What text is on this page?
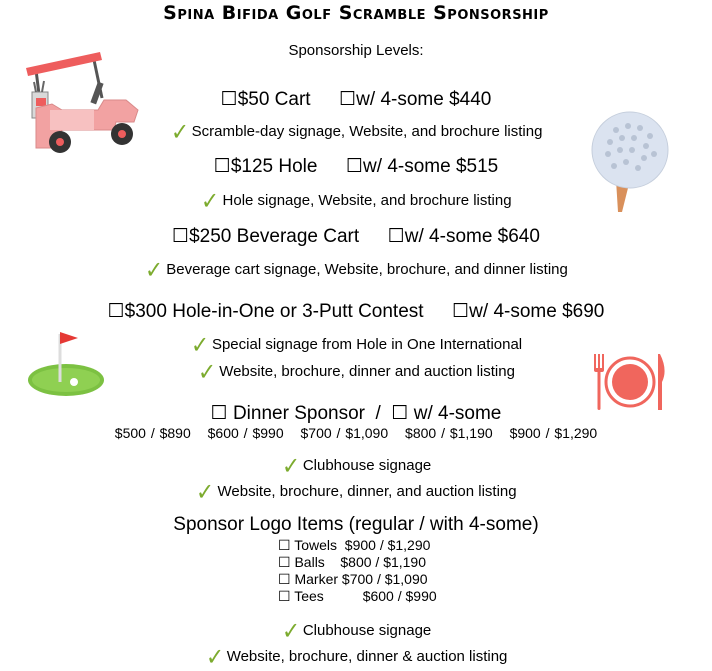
Spina Bifida Golf Scramble Sponsorship
Sponsorship Levels:
☐$50 Cart ☐w/ 4-some $440
✓ Scramble-day signage, Website, and brochure listing
☐$125 Hole ☐w/ 4-some $515
✓ Hole signage, Website, and brochure listing
☐$250 Beverage Cart ☐w/ 4-some $640
✓ Beverage cart signage, Website, brochure, and dinner listing
☐$300 Hole-in-One or 3-Putt Contest ☐w/ 4-some $690
✓ Special signage from Hole in One International
✓ Website, brochure, dinner and auction listing
☐ Dinner Sponsor / ☐ w/ 4-some
$500 / $890 $600 / $990 $700 / $1,090 $800 / $1,190 $900 / $1,290
✓ Clubhouse signage
✓ Website, brochure, dinner, and auction listing
Sponsor Logo Items (regular / with 4-some)
☐ Towels $900 / $1,290
☐ Balls $800 / $1,190
☐ Marker $700 / $1,090
☐ Tees	$600 / $990
✓ Clubhouse signage
✓ Website, brochure, dinner & auction listing
